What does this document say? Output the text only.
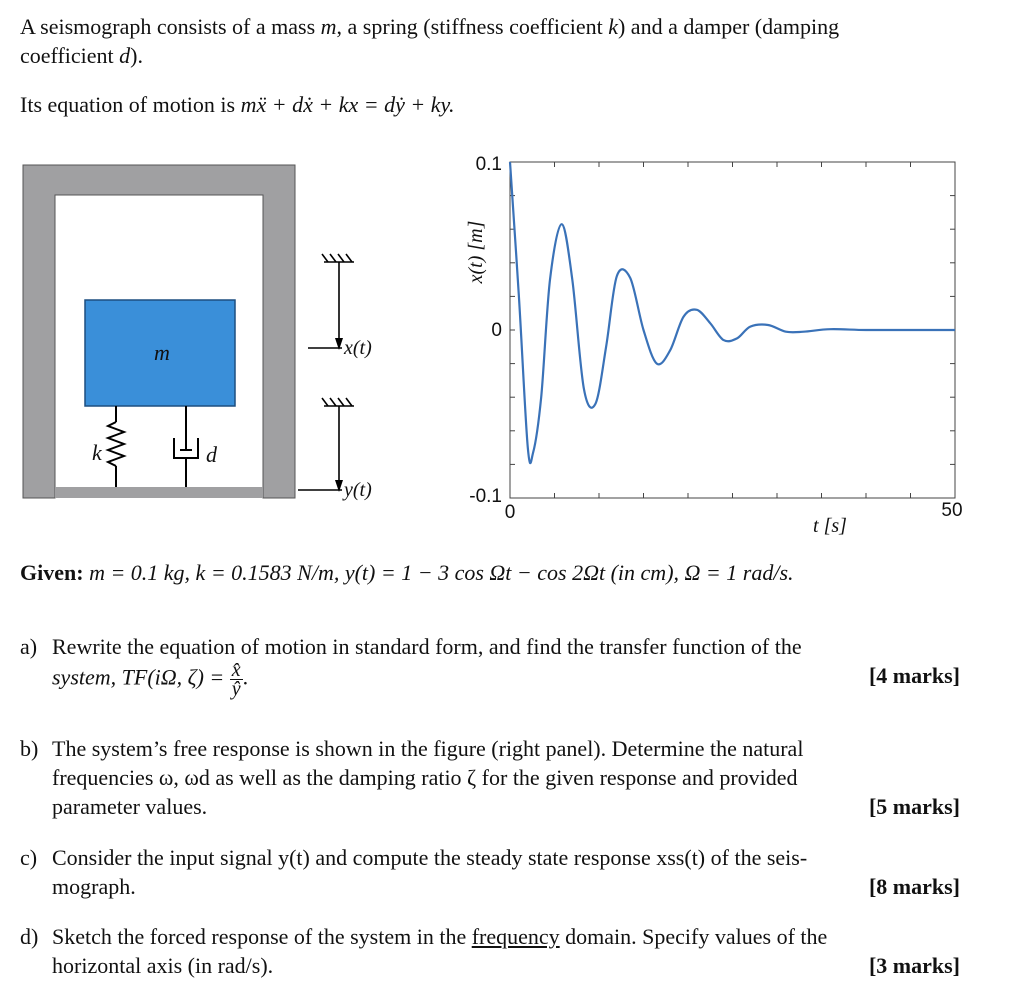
A seismograph consists of a mass m, a spring (stiffness coefficient k) and a damper (damping

coefficient d).

Its equation of motion is mẍ + dẋ + kx = dẏ + ky.

m
k	d
x(t)
y(t)
0.1
0
-0.1
0	50
t [s]
x(t) [m]

Given: m = 0.1 kg, k = 0.1583 N/m, y(t) = 1 − 3 cos Ωt − cos 2Ωt (in cm), Ω = 1 rad/s.

a) Rewrite the equation of motion in standard form, and find the transfer function of the
system, TF(iΩ, $\zeta) = \frac{x̂}{ŷ}$ .	[4 marks]
b) The system’s free response is shown in the figure (right panel). Determine the natural
frequencies ω, ωd as well as the damping ratio ζ for the given response and provided
parameter values.	[5 marks]
c) Consider the input signal y(t) and compute the steady state response xss(t) of the seis-
mograph.	[8 marks]
d) Sketch the forced response of the system in the frequency domain. Specify values of the
horizontal axis (in rad/s).	[3 marks]
